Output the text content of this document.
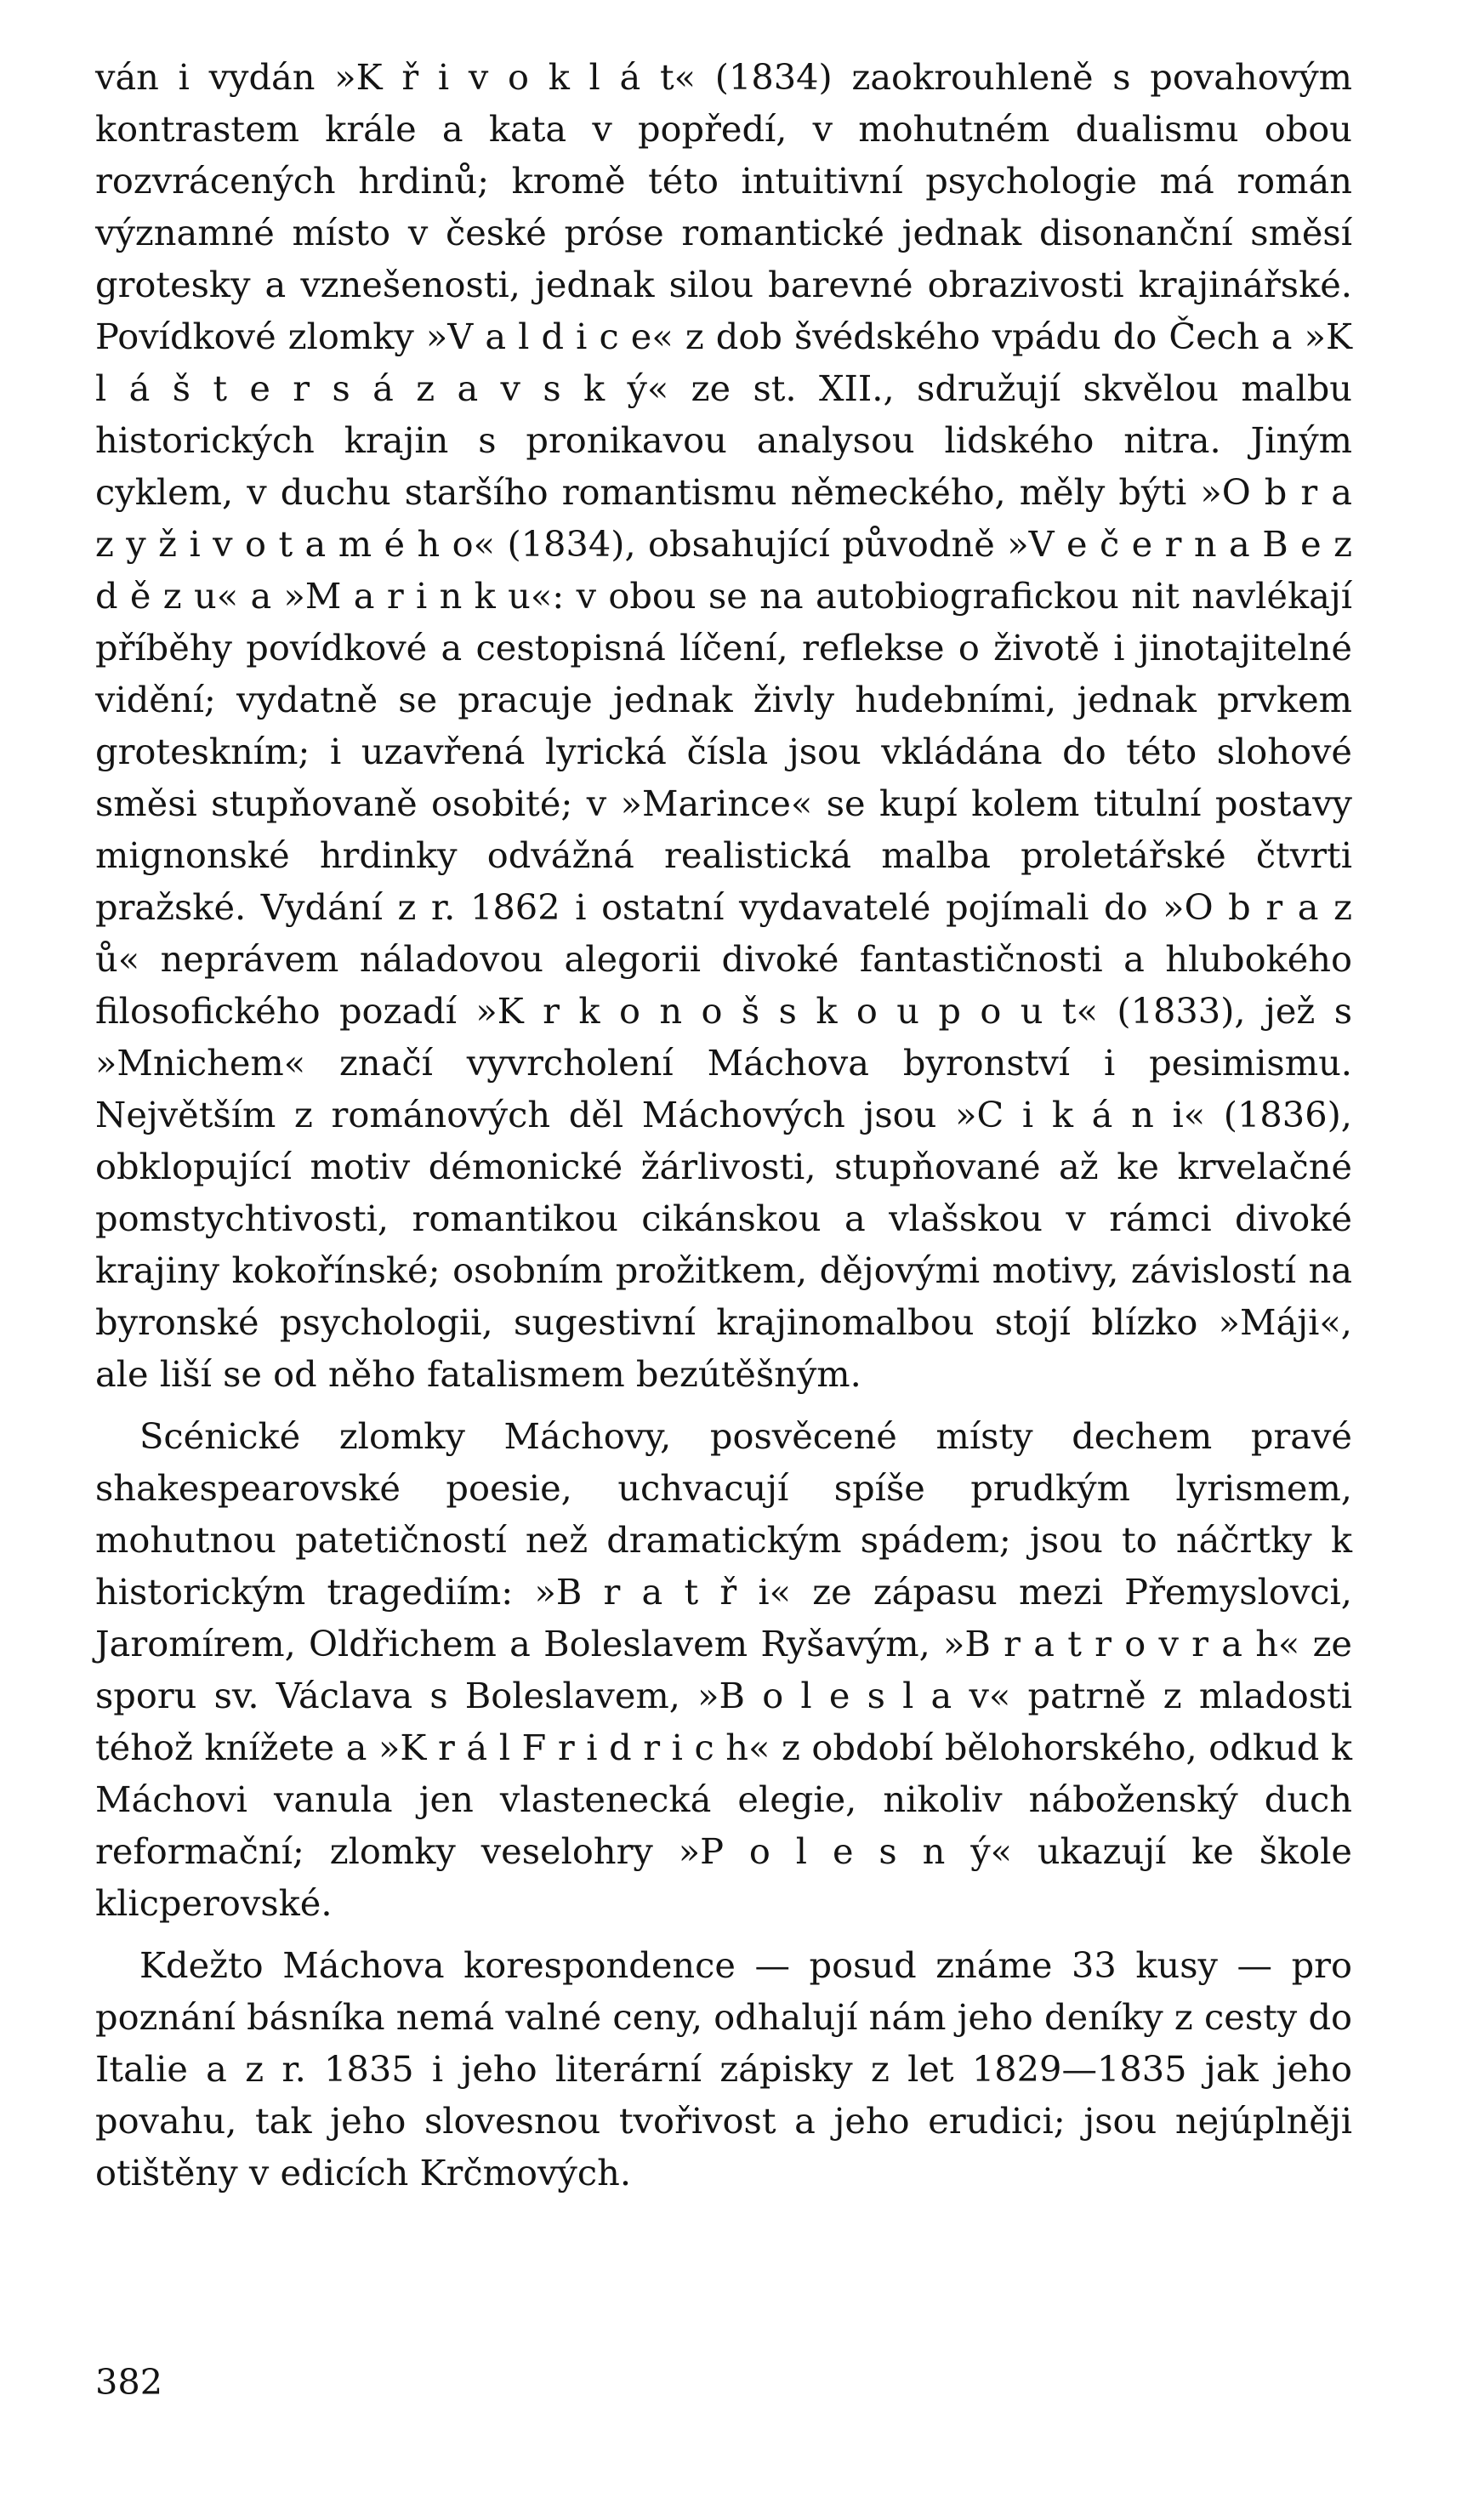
ván i vydán »K ř i v o k l á t« (1834) zaokrouhleně s povahovým kontrastem krále a kata v popředí, v mohutném dualismu obou rozvrácených hrdinů; kromě této intuitivní psychologie má román významné místo v české próse romantické jednak disonanční směsí grotesky a vznešenosti, jednak silou barevné obrazivosti krajinářské. Povídkové zlomky »V a l d i c e« z dob švédského vpádu do Čech a »K l á š t e r s á z a v s k ý« ze st. XII., sdružují skvělou malbu historických krajin s pronikavou analysou lidského nitra. Jiným cyklem, v duchu staršího romantismu německého, měly býti »O b r a z y ž i v o t a m é h o« (1834), obsahující původně »V e č e r n a B e z d ě z u« a »M a r i n k u«: v obou se na autobiografickou nit navlékají příběhy povídkové a cestopisná líčení, reflekse o životě i jinotajitelné vidění; vydatně se pracuje jednak živly hudebními, jednak prvkem groteskním; i uzavřená lyrická čísla jsou vkládána do této slohové směsi stupňovaně osobité; v »Marince« se kupí kolem titulní postavy mignonské hrdinky odvážná realistická malba proletářské čtvrti pražské. Vydání z r. 1862 i ostatní vydavatelé pojímali do »O b r a z ů« neprávem náladovou alegorii divoké fantastičnosti a hlubokého filosofického pozadí »K r k o n o š s k o u p o u t« (1833), jež s »Mnichem« značí vyvrcholení Máchova byronství i pesimismu. Největším z románových děl Máchových jsou »C i k á n i« (1836), obklopující motiv démonické žárlivosti, stupňované až ke krvelačné pomstychtivosti, romantikou cikánskou a vlašskou v rámci divoké krajiny kokořínské; osobním prožitkem, dějovými motivy, závislostí na byronské psychologii, sugestivní krajinomalbou stojí blízko »Máji«, ale liší se od něho fatalismem bezútěšným.

Scénické zlomky Máchovy, posvěcené místy dechem pravé shakespearovské poesie, uchvacují spíše prudkým lyrismem, mohutnou patetičností než dramatickým spádem; jsou to náčrtky k historickým tragediím: »B r a t ř i« ze zápasu mezi Přemyslovci, Jaromírem, Oldřichem a Boleslavem Ryšavým, »B r a t r o v r a h« ze sporu sv. Václava s Boleslavem, »B o l e s l a v« patrně z mladosti téhož knížete a »K r á l F r i d r i c h« z období bělohorského, odkud k Máchovi vanula jen vlastenecká elegie, nikoliv náboženský duch reformační; zlomky veselohry »P o l e s n ý« ukazují ke škole klicperovské.

Kdežto Máchova korespondence — posud známe 33 kusy — pro poznání básníka nemá valné ceny, odhalují nám jeho deníky z cesty do Italie a z r. 1835 i jeho literární zápisky z let 1829—1835 jak jeho povahu, tak jeho slovesnou tvořivost a jeho erudici; jsou nejúplněji otištěny v edicích Krčmových.

382
